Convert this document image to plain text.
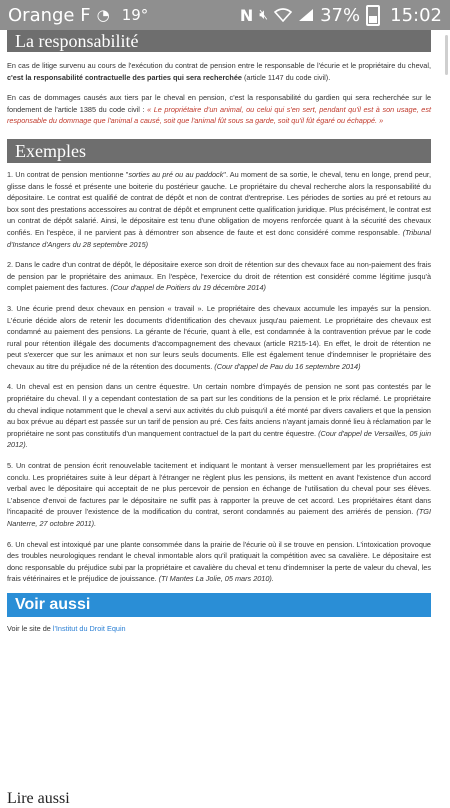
Orange F ◔ 19°	N 🔇︎	37% 15:02
La responsabilité

En cas de litige survenu au cours de l'exécution du contrat de pension entre le responsable de l'écurie et le propriétaire du cheval, c'est la responsabilité contractuelle des parties qui sera recherchée (article 1147 du code civil).

En cas de dommages causés aux tiers par le cheval en pension, c'est la responsabilité du gardien qui sera recherchée sur le fondement de l'article 1385 du code civil : « Le propriétaire d'un animal, ou celui qui s'en sert, pendant qu'il est à son usage, est responsable du dommage que l'animal a causé, soit que l'animal fût sous sa garde, soit qu'il fût égaré ou échappé. »

Exemples

1. Un contrat de pension mentionne "sorties au pré ou au paddock". Au moment de sa sortie, le cheval, tenu en longe, prend peur, glisse dans le fossé et présente une boiterie du postérieur gauche. Le propriétaire du cheval recherche alors la responsabilité du dépositaire. Le contrat est qualifié de contrat de dépôt et non de contrat d'entreprise. Les périodes de sorties au pré et retours au box sont des prestations accessoires au contrat de dépôt et emprunent cette qualification juridique. Plus précisément, le contrat est un contrat de dépôt salarié. Ainsi, le dépositaire est tenu d'une obligation de moyens renforcée quant à la sécurité des chevaux confiés. En l'espèce, il ne parvient pas à démontrer son absence de faute et est donc considéré comme responsable. (Tribunal d'Instance d'Angers du 28 septembre 2015)

2. Dans le cadre d'un contrat de dépôt, le dépositaire exerce son droit de rétention sur des chevaux face au non-paiement des frais de pension par le propriétaire des animaux. En l'espèce, l'exercice du droit de rétention est considéré comme légitime jusqu'à complet paiement des factures. (Cour d'appel de Poitiers du 19 décembre 2014)

3. Une écurie prend deux chevaux en pension « travail ». Le propriétaire des chevaux accumule les impayés sur la pension. L'écurie décide alors de retenir les documents d'identification des chevaux jusqu'au paiement. Le propriétaire des chevaux est condamné au paiement des pensions. La gérante de l'écurie, quant à elle, est condamnée à la contravention prévue par le code rural pour rétention illégale des documents d'accompagnement des chevaux (article R215-14). En effet, le droit de rétention ne peut s'exercer que sur les animaux et non sur leurs seuls documents. Elle est également tenue d'indemniser le propriétaire des chevaux au titre du préjudice né de la rétention des documents. (Cour d'appel de Pau du 16 septembre 2014)

4. Un cheval est en pension dans un centre équestre. Un certain nombre d'impayés de pension ne sont pas contestés par le propriétaire du cheval. Il y a cependant contestation de sa part sur les conditions de la pension et le prix réclamé. Le propriétaire du cheval indique notamment que le cheval a servi aux activités du club puisqu'il a été monté par divers cavaliers et que la pension au box prévue au départ est passée sur un tarif de pension au pré. Ces faits anciens n'ayant jamais donné lieu à réclamation par le propriétaire ne sont pas constitutifs d'un manquement contractuel de la part du centre équestre. (Cour d'appel de Versailles, 05 juin 2012).

5. Un contrat de pension écrit renouvelable tacitement et indiquant le montant à verser mensuellement par les propriétaires est conclu. Les propriétaires suite à leur départ à l'étranger ne règlent plus les pensions, ils mettent en avant l'existence d'un accord verbal avec le dépositaire qui acceptait de ne plus percevoir de pension en échange de l'utilisation du cheval pour ses élèves. L'absence d'envoi de factures par le dépositaire ne suffit pas à rapporter la preuve de cet accord. Les propriétaires étant dans l'incapacité de prouver l'existence de la modification du contrat, seront condamnés au paiement des arriérés de pension. (TGI Nanterre, 27 octobre 2011).

6. Un cheval est intoxiqué par une plante consommée dans la prairie de l'écurie où il se trouve en pension. L'intoxication provoque des troubles neurologiques rendant le cheval inmontable alors qu'il pratiquait la compétition avec sa cavalière. Le dépositaire est donc responsable du préjudice subi par la propriétaire et cavalière du cheval et tenu d'indemniser la perte de valeur du cheval, les frais vétérinaires et le préjudice de jouissance. (TI Mantes La Jolie, 05 mars 2010).

Voir aussi

Voir le site de l'Institut du Droit Equin

Lire aussi
